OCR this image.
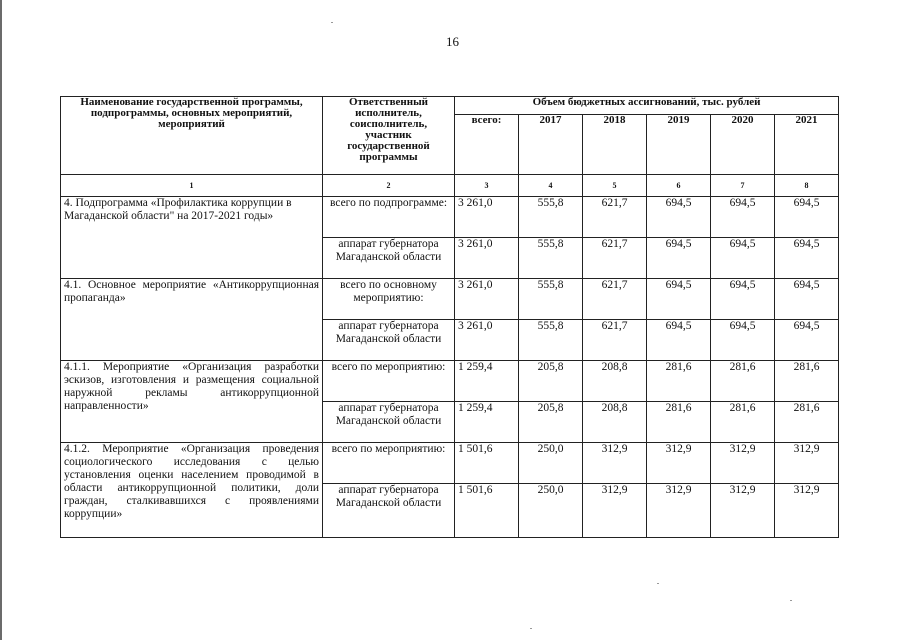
16
Наименование государственной программы, подпрограммы, основных мероприятий, мероприятий	Ответственный исполнитель, соисполнитель, участник государственной программы	Объем бюджетных ассигнований, тыс. рублей					
		всего:	2017	2018	2019	2020	2021
1	2	3	4	5	6	7	8
4. Подпрограмма «Профилактика коррупции в Магаданской области" на 2017-2021 годы»	всего по подпрограмме:	3 261,0	555,8	621,7	694,5	694,5	694,5
	аппарат губернатора Магаданской области	3 261,0	555,8	621,7	694,5	694,5	694,5
4.1. Основное мероприятие «Антикоррупционная пропаганда»	всего по основному мероприятию:	3 261,0	555,8	621,7	694,5	694,5	694,5
	аппарат губернатора Магаданской области	3 261,0	555,8	621,7	694,5	694,5	694,5
4.1.1. Мероприятие «Организация разработки эскизов, изготовления и размещения социальной наружной рекламы антикоррупционной направленности»	всего по мероприятию:	1 259,4	205,8	208,8	281,6	281,6	281,6
	аппарат губернатора Магаданской области	1 259,4	205,8	208,8	281,6	281,6	281,6
4.1.2. Мероприятие «Организация проведения социологического исследования с целью установления оценки населением проводимой в области антикоррупционной политики, доли граждан, сталкивавшихся с проявлениями коррупции»	всего по мероприятию:	1 501,6	250,0	312,9	312,9	312,9	312,9
	аппарат губернатора Магаданской области	1 501,6	250,0	312,9	312,9	312,9	312,9
